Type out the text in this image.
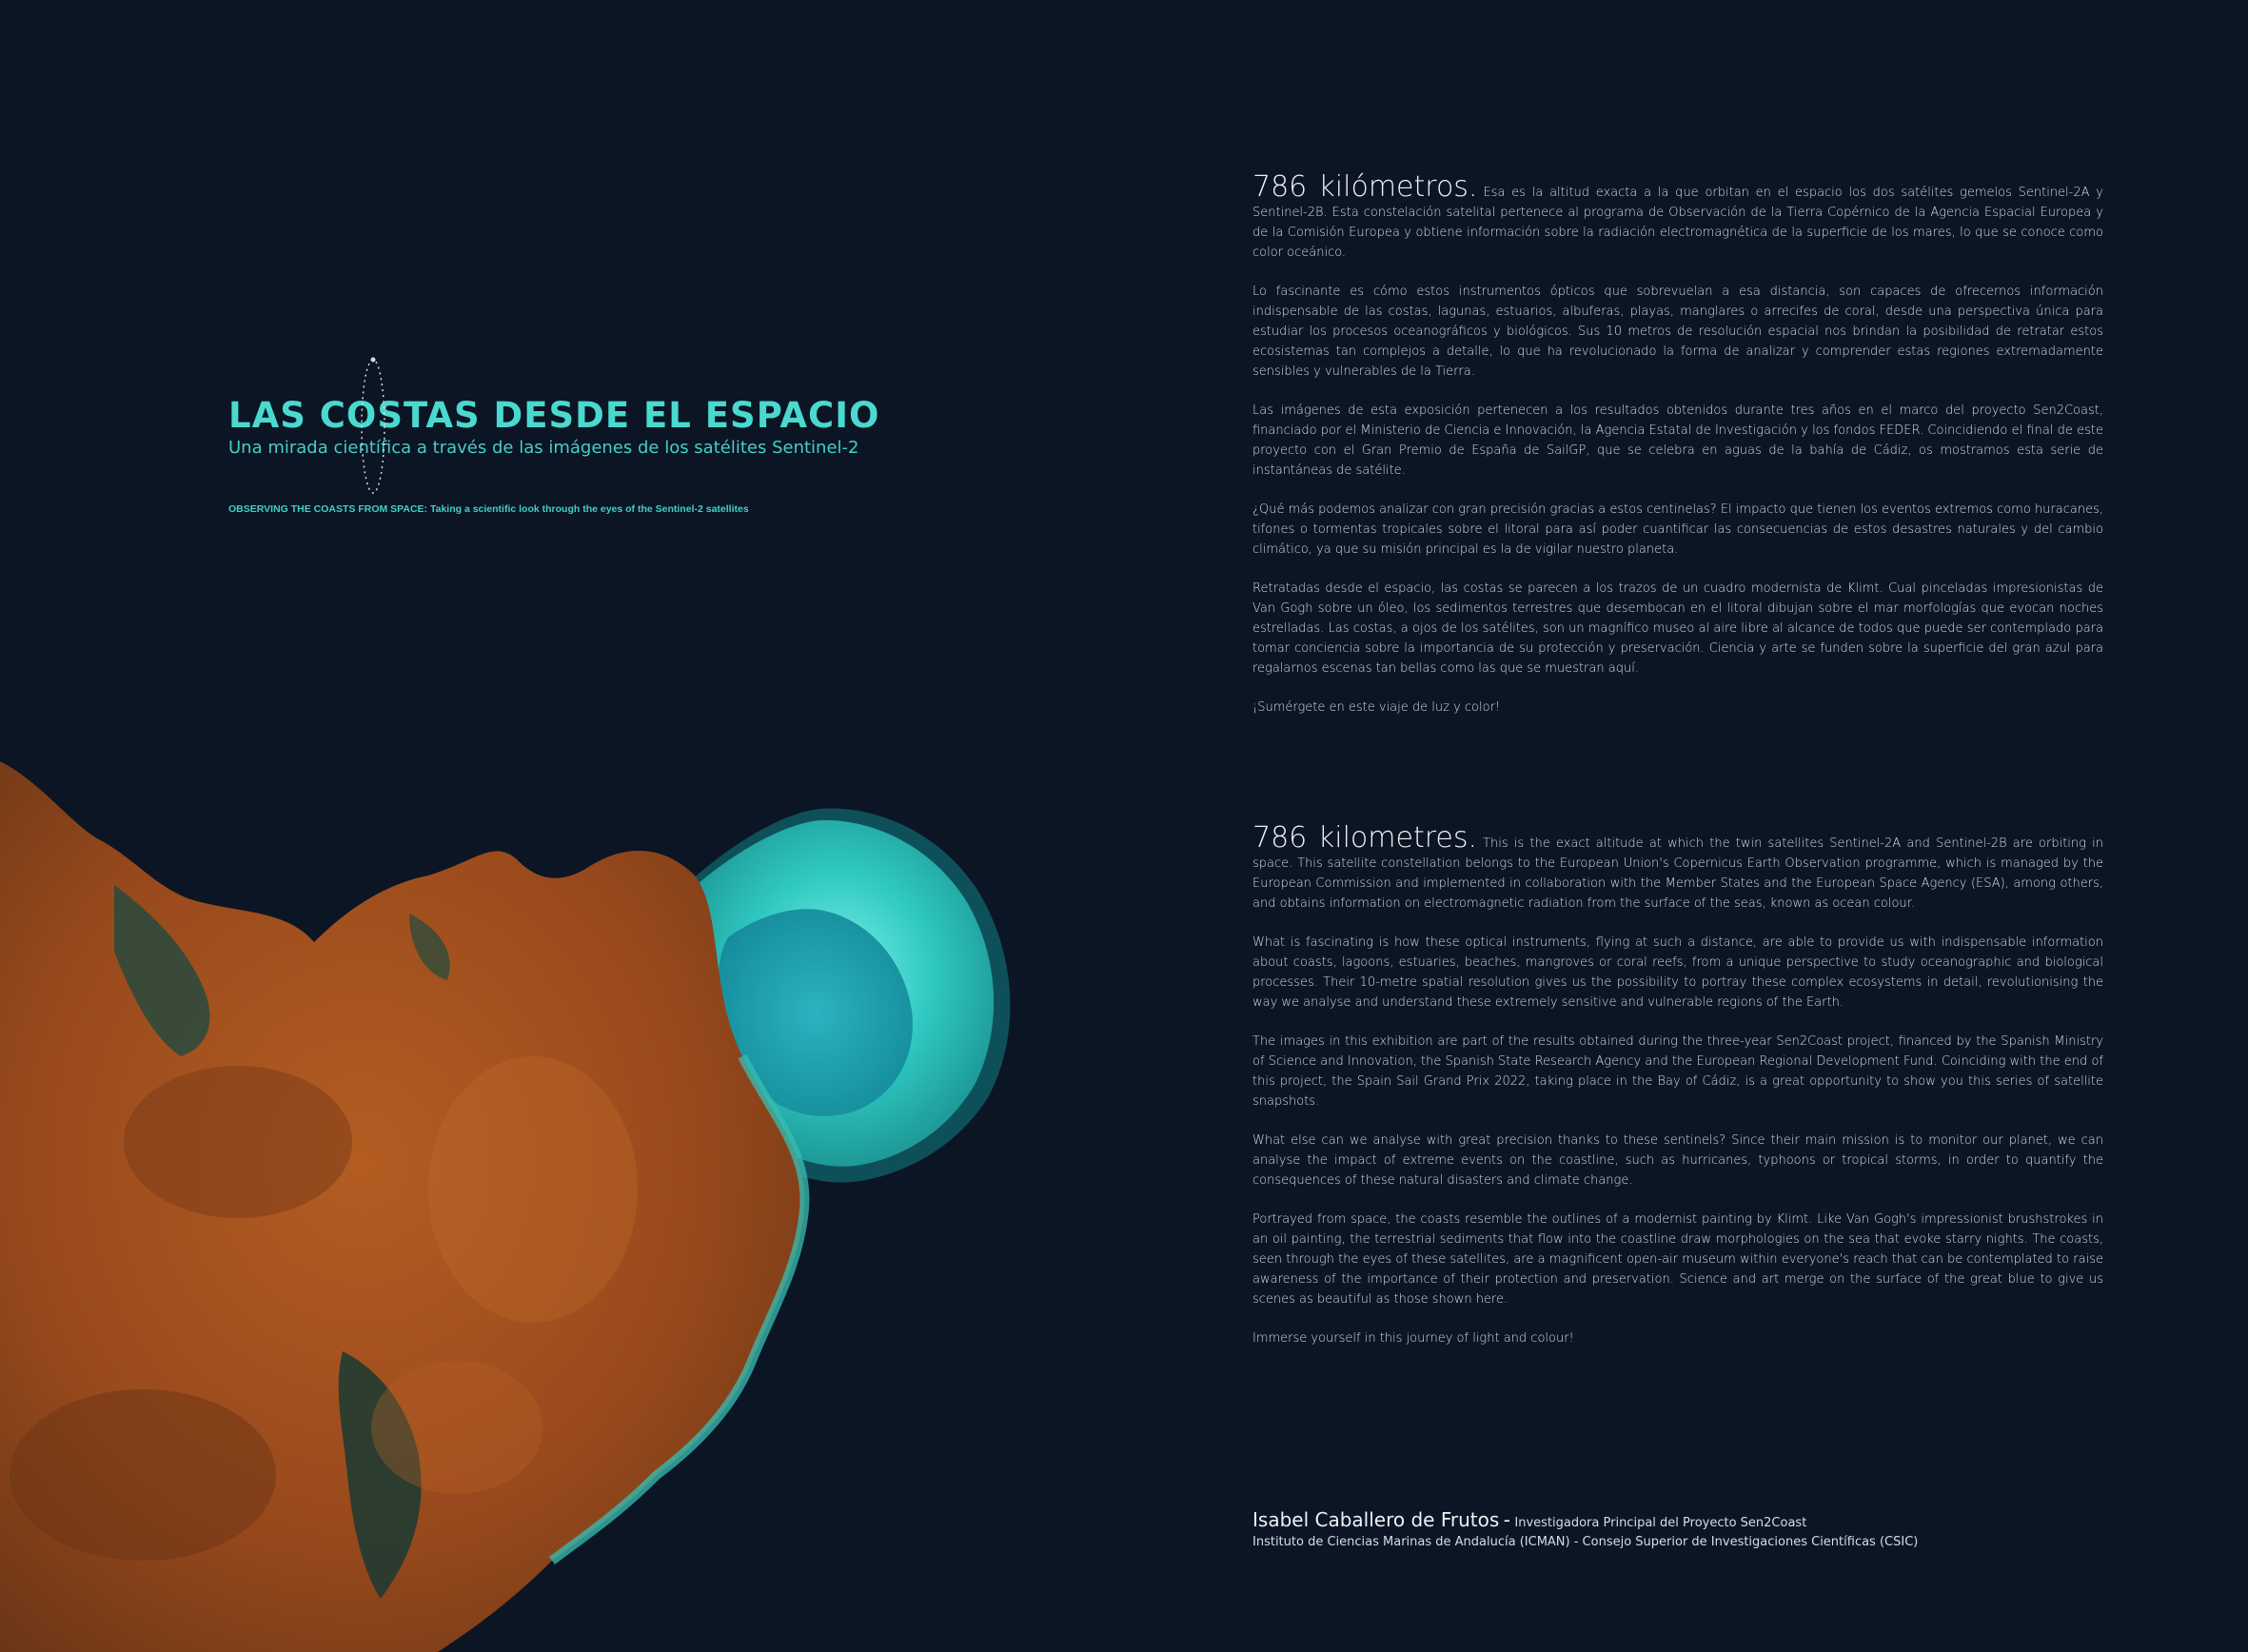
LAS COSTAS DESDE EL ESPACIO
Una mirada científica a través de las imágenes de los satélites Sentinel-2
OBSERVING THE COASTS FROM SPACE: Taking a scientific look through the eyes of the Sentinel-2 satellites

786 kilómetros. Esa es la altitud exacta a la que orbitan en el espacio los dos satélites gemelos Sentinel-2A y Sentinel-2B. Esta constelación satelital pertenece al programa de Observación de la Tierra Copérnico de la Agencia Espacial Europea y de la Comisión Europea y obtiene información sobre la radiación electromagnética de la superficie de los mares, lo que se conoce como color oceánico.

Lo fascinante es cómo estos instrumentos ópticos que sobrevuelan a esa distancia, son capaces de ofrecernos información indispensable de las costas, lagunas, estuarios, albuferas, playas, manglares o arrecifes de coral, desde una perspectiva única para estudiar los procesos oceanográficos y biológicos. Sus 10 metros de resolución espacial nos brindan la posibilidad de retratar estos ecosistemas tan complejos a detalle, lo que ha revolucionado la forma de analizar y comprender estas regiones extremadamente sensibles y vulnerables de la Tierra.

Las imágenes de esta exposición pertenecen a los resultados obtenidos durante tres años en el marco del proyecto Sen2Coast, financiado por el Ministerio de Ciencia e Innovación, la Agencia Estatal de Investigación y los fondos FEDER. Coincidiendo el final de este proyecto con el Gran Premio de España de SailGP, que se celebra en aguas de la bahía de Cádiz, os mostramos esta serie de instantáneas de satélite.

¿Qué más podemos analizar con gran precisión gracias a estos centinelas? El impacto que tienen los eventos extremos como huracanes, tifones o tormentas tropicales sobre el litoral para así poder cuantificar las consecuencias de estos desastres naturales y del cambio climático, ya que su misión principal es la de vigilar nuestro planeta.

Retratadas desde el espacio, las costas se parecen a los trazos de un cuadro modernista de Klimt. Cual pinceladas impresionistas de Van Gogh sobre un óleo, los sedimentos terrestres que desembocan en el litoral dibujan sobre el mar morfologías que evocan noches estrelladas. Las costas, a ojos de los satélites, son un magnífico museo al aire libre al alcance de todos que puede ser contemplado para tomar conciencia sobre la importancia de su protección y preservación. Ciencia y arte se funden sobre la superficie del gran azul para regalarnos escenas tan bellas como las que se muestran aquí.

¡Sumérgete en este viaje de luz y color!

786 kilometres. This is the exact altitude at which the twin satellites Sentinel-2A and Sentinel-2B are orbiting in space. This satellite constellation belongs to the European Union's Copernicus Earth Observation programme, which is managed by the European Commission and implemented in collaboration with the Member States and the European Space Agency (ESA), among others, and obtains information on electromagnetic radiation from the surface of the seas, known as ocean colour.

What is fascinating is how these optical instruments, flying at such a distance, are able to provide us with indispensable information about coasts, lagoons, estuaries, beaches, mangroves or coral reefs, from a unique perspective to study oceanographic and biological processes. Their 10-metre spatial resolution gives us the possibility to portray these complex ecosystems in detail, revolutionising the way we analyse and understand these extremely sensitive and vulnerable regions of the Earth.

The images in this exhibition are part of the results obtained during the three-year Sen2Coast project, financed by the Spanish Ministry of Science and Innovation, the Spanish State Research Agency and the European Regional Development Fund. Coinciding with the end of this project, the Spain Sail Grand Prix 2022, taking place in the Bay of Cádiz, is a great opportunity to show you this series of satellite snapshots.

What else can we analyse with great precision thanks to these sentinels? Since their main mission is to monitor our planet, we can analyse the impact of extreme events on the coastline, such as hurricanes, typhoons or tropical storms, in order to quantify the consequences of these natural disasters and climate change.

Portrayed from space, the coasts resemble the outlines of a modernist painting by Klimt. Like Van Gogh's impressionist brushstrokes in an oil painting, the terrestrial sediments that flow into the coastline draw morphologies on the sea that evoke starry nights. The coasts, seen through the eyes of these satellites, are a magnificent open-air museum within everyone's reach that can be contemplated to raise awareness of the importance of their protection and preservation. Science and art merge on the surface of the great blue to give us scenes as beautiful as those shown here.

Immerse yourself in this journey of light and colour!

Isabel Caballero de Frutos - Investigadora Principal del Proyecto Sen2Coast
Instituto de Ciencias Marinas de Andalucía (ICMAN) - Consejo Superior de Investigaciones Científicas (CSIC)
